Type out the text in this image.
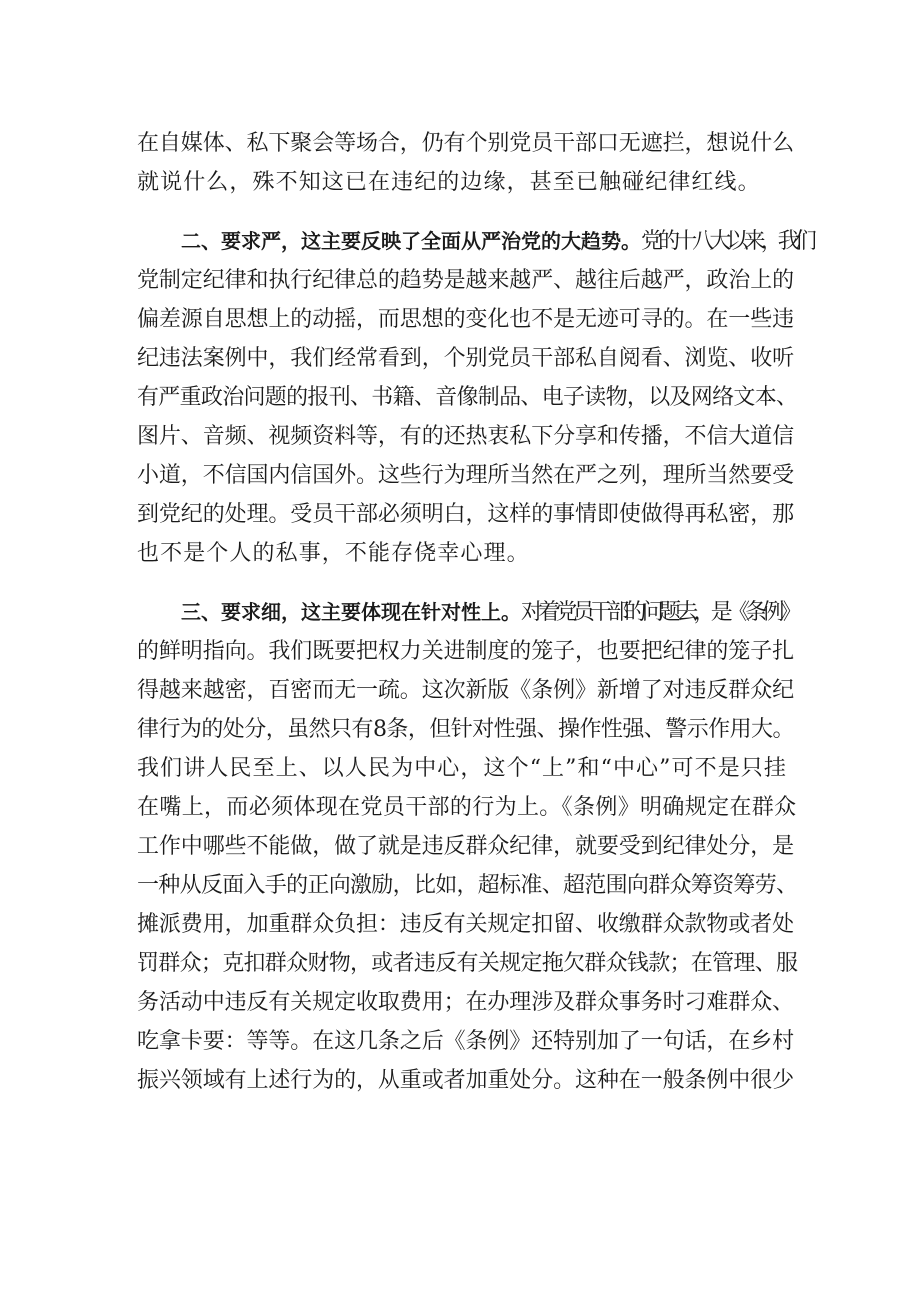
在自媒体、私下聚会等场合，仍有个别党员干部口无遮拦，想说什么
就说什么，殊不知这已在违纪的边缘，甚至已触碰纪律红线。
二、要求严，这主要反映了全面从严治党的大趋势。党的十八大以来，我们
党制定纪律和执行纪律总的趋势是越来越严、越往后越严，政治上的
偏差源自思想上的动摇，而思想的变化也不是无迹可寻的。在一些违
纪违法案例中，我们经常看到，个别党员干部私自阅看、浏览、收听
有严重政治问题的报刊、书籍、音像制品、电子读物，以及网络文本、
图片、音频、视频资料等，有的还热衷私下分享和传播，不信大道信
小道，不信国内信国外。这些行为理所当然在严之列，理所当然要受
到党纪的处理。受员干部必须明白，这样的事情即使做得再私密，那
也不是个人的私事，不能存侥幸心理。
三、要求细，这主要体现在针对性上。对着党员干部的问题去，是《条例》
的鲜明指向。我们既要把权力关进制度的笼子，也要把纪律的笼子扎
得越来越密，百密而无一疏。这次新版《条例》新增了对违反群众纪
律行为的处分，虽然只有8条，但针对性强、操作性强、警示作用大。
我们讲人民至上、以人民为中心，这个“上”和“中心”可不是只挂
在嘴上，而必须体现在党员干部的行为上。《条例》明确规定在群众
工作中哪些不能做，做了就是违反群众纪律，就要受到纪律处分，是
一种从反面入手的正向激励，比如，超标准、超范围向群众筹资筹劳、
摊派费用，加重群众负担：违反有关规定扣留、收缴群众款物或者处
罚群众；克扣群众财物，或者违反有关规定拖欠群众钱款；在管理、服
务活动中违反有关规定收取费用；在办理涉及群众事务时刁难群众、
吃拿卡要：等等。在这几条之后《条例》还特别加了一句话，在乡村
振兴领域有上述行为的，从重或者加重处分。这种在一般条例中很少
